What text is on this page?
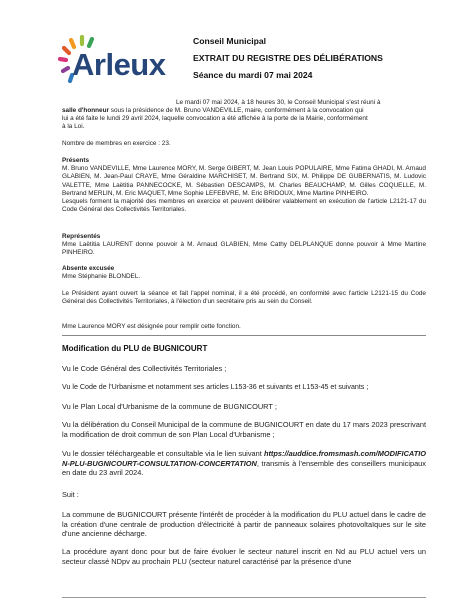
Arleux
Conseil Municipal
EXTRAIT DU REGISTRE DES DÉLIBÉRATIONS
Séance du mardi 07 mai 2024
Le mardi 07 mai 2024, à 18 heures 30, le Conseil Municipal s'est réuni à
salle d'honneur sous la présidence de M. Bruno VANDEVILLE, maire, conformément à la convocation qui
lui a été faite le lundi 29 avril 2024, laquelle convocation a été affichée à la porte de la Mairie, conformément
à la Loi.
Nombre de membres en exercice : 23.
Présents
M. Bruno VANDEVILLE, Mme Laurence MORY, M. Serge GIBERT, M. Jean Louis POPULAIRE, Mme Fatima GHADI, M. Arnaud GLABIEN, M. Jean-Paul CRAYE, Mme Géraldine MARCHISET, M. Bertrand SIX, M. Philippe DE GUBERNATIS, M. Ludovic VALETTE, Mme Laëtitia PANNECOCKE, M. Sébastien DESCAMPS, M. Charles BEAUCHAMP, M. Gilles COQUELLE, M. Bertrand MERLIN, M. Eric MAQUET, Mme Sophie LEFEBVRE, M. Eric BRIDOUX, Mme Martine PINHEIRO.
Lesquels forment la majorité des membres en exercice et peuvent délibérer valablement en exécution de l'article L2121-17 du Code Général des Collectivités Territoriales.
Représentés
Mme Laëtitia LAURENT donne pouvoir à M. Arnaud GLABIEN, Mme Cathy DELPLANQUE donne pouvoir à Mme Martine PINHEIRO.
Absente excusée
Mme Stéphanie BLONDEL.
Le Président ayant ouvert la séance et fait l'appel nominal, il a été procédé, en conformité avec l'article L2121-15 du Code Général des Collectivités Territoriales, à l'élection d'un secrétaire pris au sein du Conseil.
Mme Laurence MORY est désignée pour remplir cette fonction.
Modification du PLU de BUGNICOURT
Vu le Code Général des Collectivités Territoriales ;
Vu le Code de l'Urbanisme et notamment ses articles L153-36 et suivants et L153-45 et suivants ;
Vu le Plan Local d'Urbanisme de la commune de BUGNICOURT ;
Vu la délibération du Conseil Municipal de la commune de BUGNICOURT en date du 17 mars 2023 prescrivant la modification de droit commun de son Plan Local d'Urbanisme ;
Vu le dossier téléchargeable et consultable via le lien suivant https://auddice.fromsmash.com/MODIFICATION-PLU-BUGNICOURT-CONSULTATION-CONCERTATION, transmis à l'ensemble des conseillers municipaux en date du 23 avril 2024.
Suit :
La commune de BUGNICOURT présente l'intérêt de procéder à la modification du PLU actuel dans le cadre de la création d'une centrale de production d'électricité à partir de panneaux solaires photovoltaïques sur le site d'une ancienne décharge.
La procédure ayant donc pour but de faire évoluer le secteur naturel inscrit en Nd au PLU actuel vers un secteur classé NDpv au prochain PLU (secteur naturel caractérisé par la présence d'une
